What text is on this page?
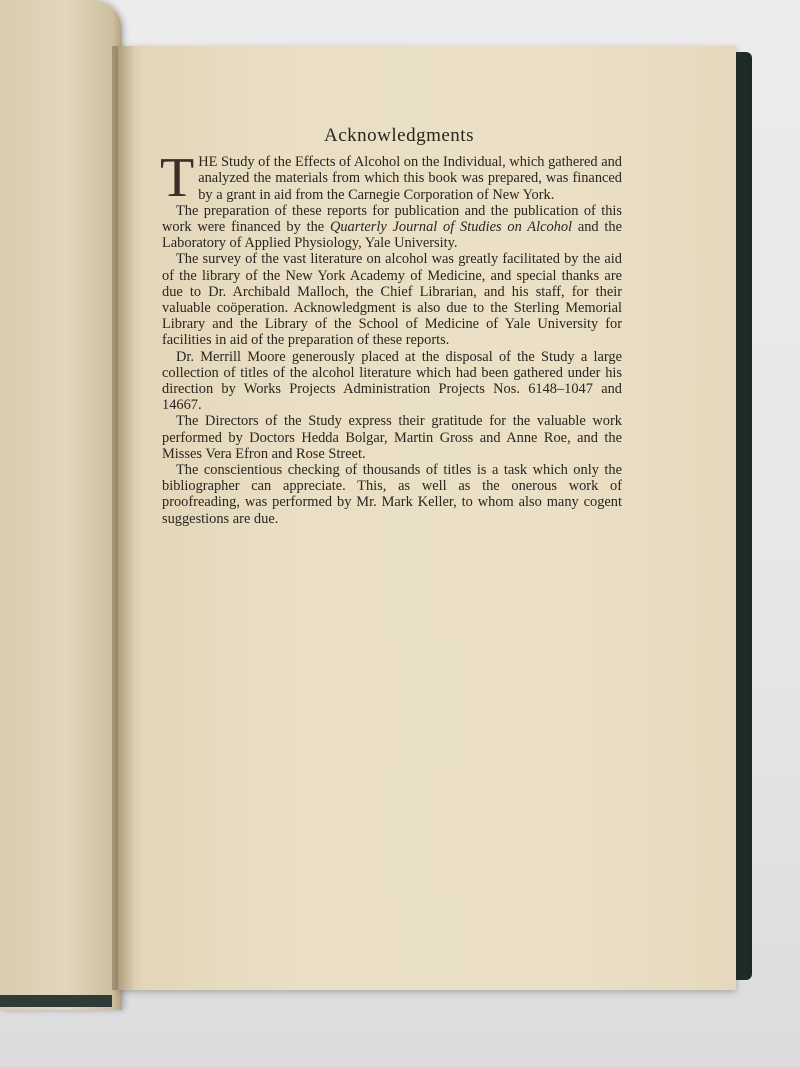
Acknowledgments

THE Study of the Effects of Alcohol on the Individual, which gathered and analyzed the materials from which this book was prepared, was financed by a grant in aid from the Carnegie Corporation of New York.

The preparation of these reports for publication and the publication of this work were financed by the Quarterly Journal of Studies on Alcohol and the Laboratory of Applied Physiology, Yale University.

The survey of the vast literature on alcohol was greatly facilitated by the aid of the library of the New York Academy of Medicine, and special thanks are due to Dr. Archibald Malloch, the Chief Librarian, and his staff, for their valuable coöperation. Acknowledgment is also due to the Sterling Memorial Library and the Library of the School of Medicine of Yale University for facilities in aid of the preparation of these reports.

Dr. Merrill Moore generously placed at the disposal of the Study a large collection of titles of the alcohol literature which had been gathered under his direction by Works Projects Administration Projects Nos. 6148–1047 and 14667.

The Directors of the Study express their gratitude for the valuable work performed by Doctors Hedda Bolgar, Martin Gross and Anne Roe, and the Misses Vera Efron and Rose Street.

The conscientious checking of thousands of titles is a task which only the bibliographer can appreciate. This, as well as the onerous work of proofreading, was performed by Mr. Mark Keller, to whom also many cogent suggestions are due.
